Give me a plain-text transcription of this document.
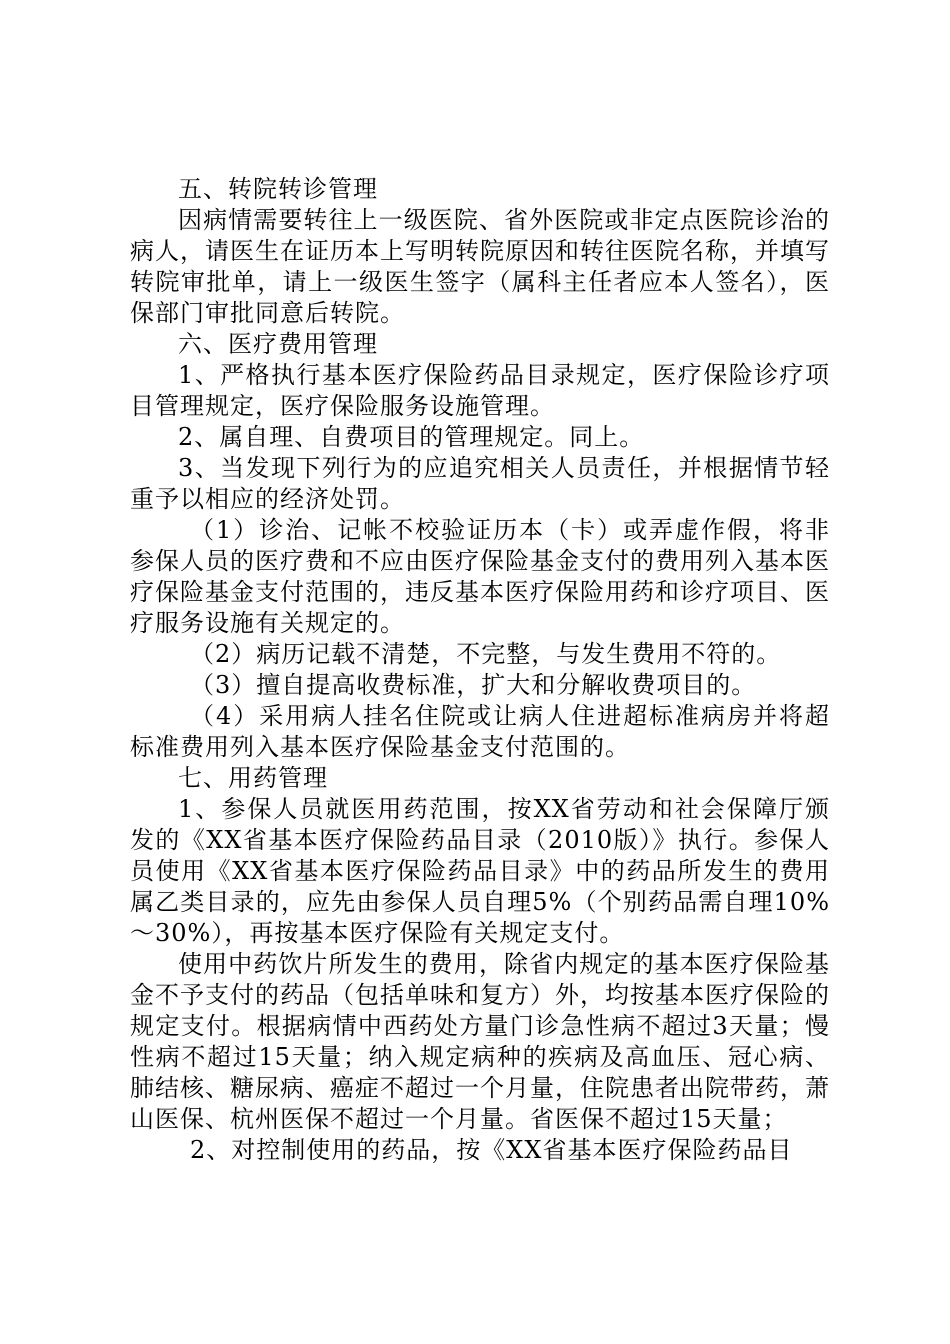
五、转院转诊管理

因病情需要转往上一级医院、省外医院或非定点医院诊治的病人，请医生在证历本上写明转院原因和转往医院名称，并填写转院审批单，请上一级医生签字（属科主任者应本人签名），医保部门审批同意后转院。

六、医疗费用管理

1、严格执行基本医疗保险药品目录规定，医疗保险诊疗项目管理规定，医疗保险服务设施管理。

2、属自理、自费项目的管理规定。同上。

3、当发现下列行为的应追究相关人员责任，并根据情节轻重予以相应的经济处罚。

（1）诊治、记帐不校验证历本（卡）或弄虚作假，将非参保人员的医疗费和不应由医疗保险基金支付的费用列入基本医疗保险基金支付范围的，违反基本医疗保险用药和诊疗项目、医疗服务设施有关规定的。

（2）病历记载不清楚，不完整，与发生费用不符的。

（3）擅自提高收费标准，扩大和分解收费项目的。

（4）采用病人挂名住院或让病人住进超标准病房并将超标准费用列入基本医疗保险基金支付范围的。

七、用药管理

1、参保人员就医用药范围，按XX省劳动和社会保障厅颁发的《XX省基本医疗保险药品目录（2010版）》执行。参保人员使用《XX省基本医疗保险药品目录》中的药品所发生的费用属乙类目录的，应先由参保人员自理5%（个别药品需自理10%～30%），再按基本医疗保险有关规定支付。

使用中药饮片所发生的费用，除省内规定的基本医疗保险基金不予支付的药品（包括单味和复方）外，均按基本医疗保险的规定支付。根据病情中西药处方量门诊急性病不超过3天量；慢性病不超过15天量；纳入规定病种的疾病及高血压、冠心病、肺结核、糖尿病、癌症不超过一个月量，住院患者出院带药，萧山医保、杭州医保不超过一个月量。省医保不超过15天量；

2、对控制使用的药品，按《XX省基本医疗保险药品目
